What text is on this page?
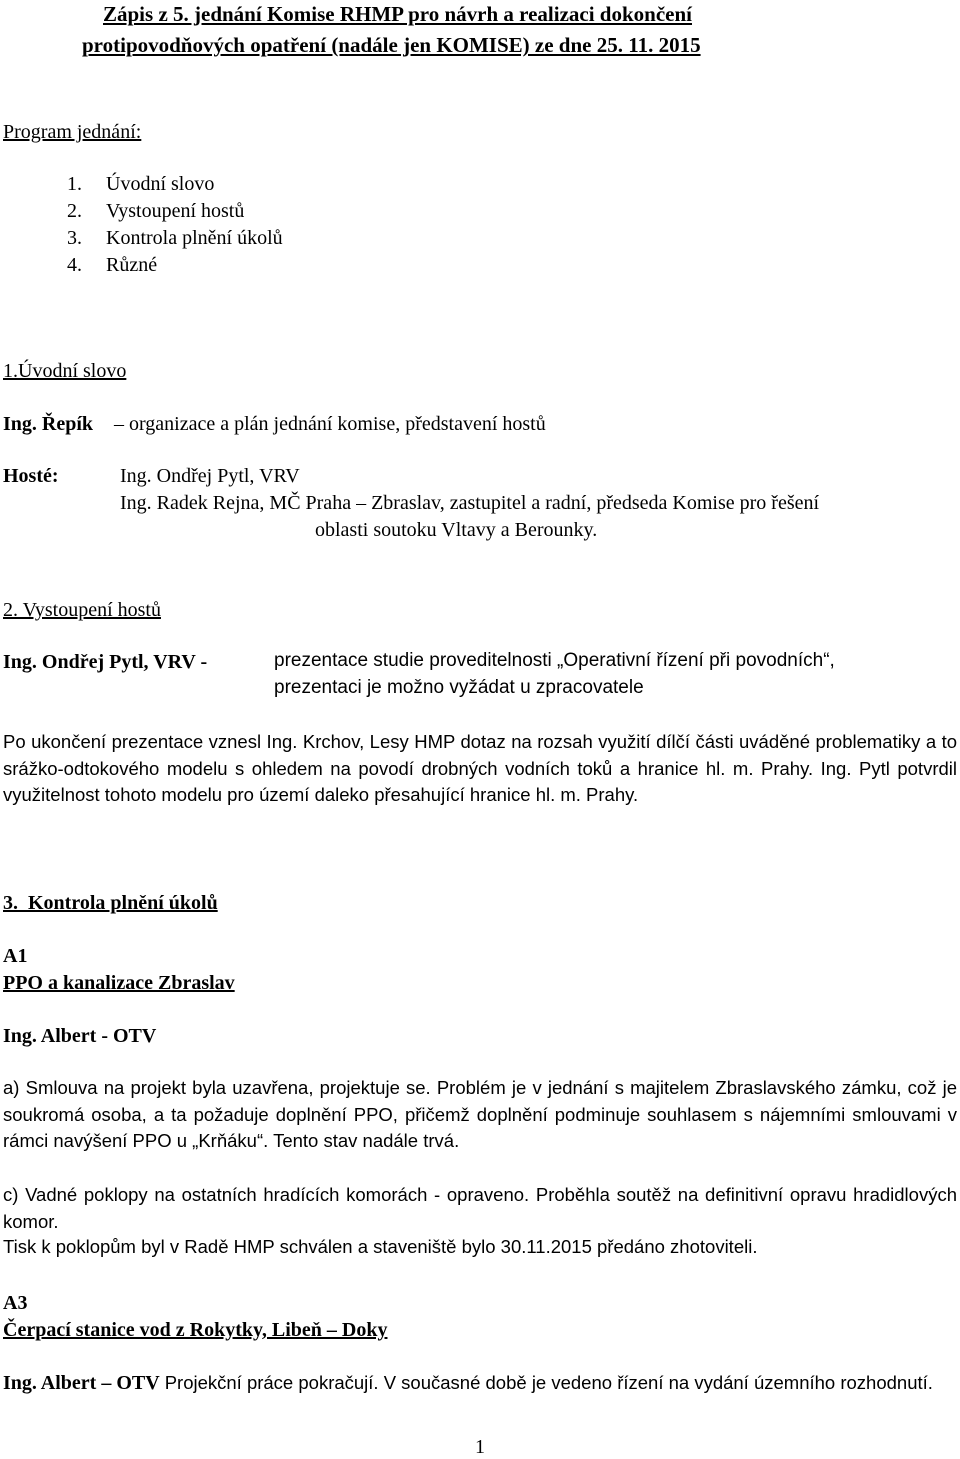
Zápis z 5. jednání Komise RHMP pro návrh a realizaci dokončení
protipovodňových opatření (nadále jen KOMISE) ze dne 25. 11. 2015
Program jednání:
1. Úvodní slovo
2. Vystoupení hostů
3. Kontrola plnění úkolů
4. Různé
1.Úvodní slovo
Ing. Řepík – organizace a plán jednání komise, představení hostů
Hosté:	Ing. Ondřej Pytl, VRV
Ing. Radek Rejna, MČ Praha – Zbraslav, zastupitel a radní, předseda Komise pro řešení
oblasti soutoku Vltavy a Berounky.
2. Vystoupení hostů
Ing. Ondřej Pytl, VRV -	prezentace studie proveditelnosti „Operativní řízení při povodních“,
prezentaci je možno vyžádat u zpracovatele
Po ukončení prezentace vznesl Ing. Krchov, Lesy HMP dotaz na rozsah využití dílčí části uváděné problematiky a to srážko-odtokového modelu s ohledem na povodí drobných vodních toků a hranice hl. m. Prahy. Ing. Pytl potvrdil využitelnost tohoto modelu pro území daleko přesahující hranice hl. m. Prahy.
3.  Kontrola plnění úkolů
A1
PPO a kanalizace Zbraslav
Ing. Albert - OTV
a) Smlouva na projekt byla uzavřena, projektuje se. Problém je v jednání s majitelem Zbraslavského zámku, což je soukromá osoba, a ta požaduje doplnění PPO, přičemž doplnění podminuje souhlasem s nájemními smlouvami v rámci navýšení PPO u „Krňáku“. Tento stav nadále trvá.
c) Vadné poklopy na ostatních hradících komorách - opraveno. Proběhla soutěž na definitivní opravu hradidlových komor.
Tisk k poklopům byl v Radě HMP schválen a staveniště bylo 30.11.2015 předáno zhotoviteli.
A3
Čerpací stanice vod z Rokytky, Libeň – Doky
Ing. Albert – OTV Projekční práce pokračují. V současné době je vedeno řízení na vydání územního rozhodnutí.
1
